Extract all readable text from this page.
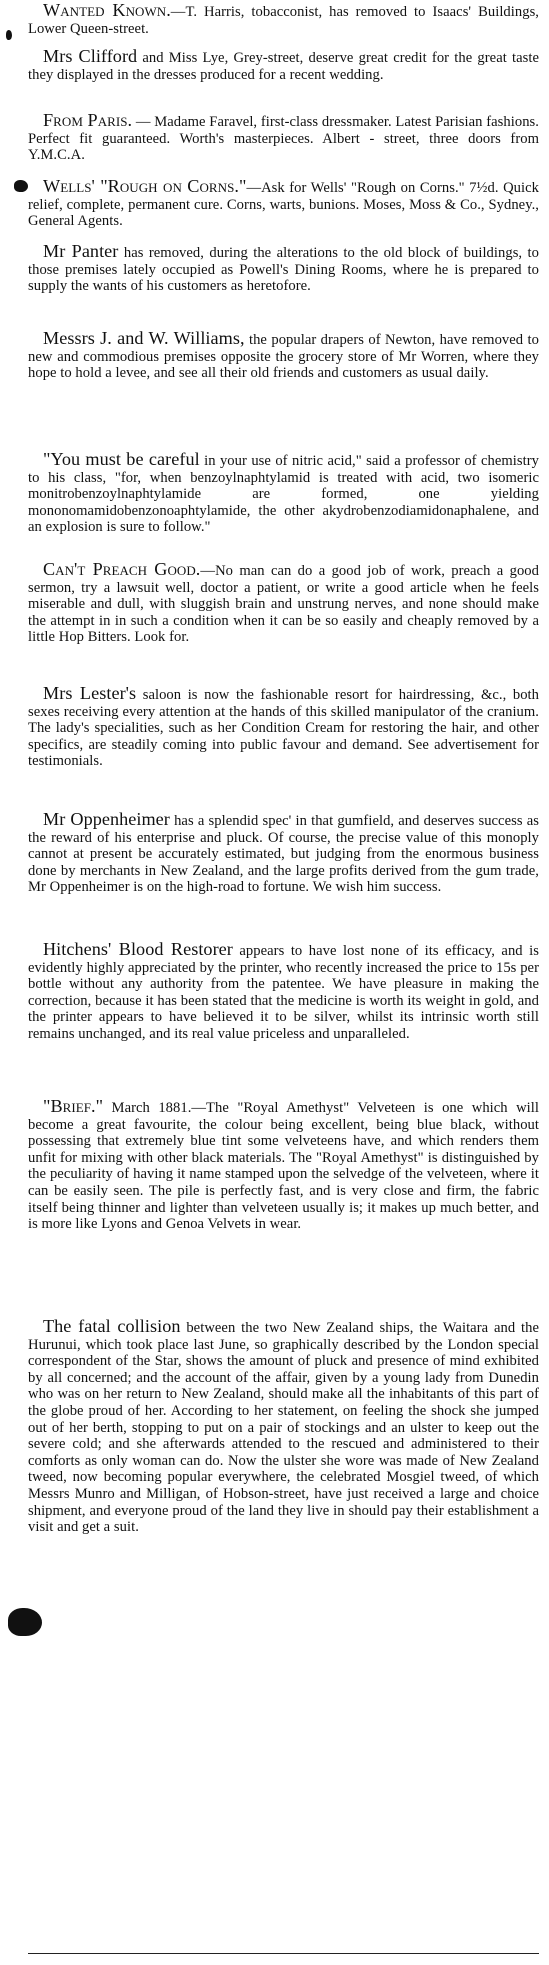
Wanted Known.—T. Harris, tobacconist, has removed to Isaacs' Buildings, Lower Queen-street.

Mrs Clifford and Miss Lye, Grey-street, deserve great credit for the great taste they displayed in the dresses produced for a recent wedding.

From Paris. — Madame Faravel, first-class dressmaker. Latest Parisian fashions. Perfect fit guaranteed. Worth's masterpieces. Albert - street, three doors from Y.M.C.A.

Wells' "Rough on Corns."—Ask for Wells' "Rough on Corns." 7½d. Quick relief, complete, permanent cure. Corns, warts, bunions. Moses, Moss & Co., Sydney., General Agents.

Mr Panter has removed, during the alterations to the old block of buildings, to those premises lately occupied as Powell's Dining Rooms, where he is prepared to supply the wants of his customers as heretofore.

Messrs J. and W. Williams, the popular drapers of Newton, have removed to new and commodious premises opposite the grocery store of Mr Worren, where they hope to hold a levee, and see all their old friends and customers as usual daily.

"You must be careful in your use of nitric acid," said a professor of chemistry to his class, "for, when benzoylnaphtylamid is treated with acid, two isomeric monitrobenzoylnaphtylamide are formed, one yielding mononomamidobenzonoaphtylamide, the other akydrobenzodiamidonaphalene, and an explosion is sure to follow."

Can't Preach Good.—No man can do a good job of work, preach a good sermon, try a lawsuit well, doctor a patient, or write a good article when he feels miserable and dull, with sluggish brain and unstrung nerves, and none should make the attempt in in such a condition when it can be so easily and cheaply removed by a little Hop Bitters. Look for.

Mrs Lester's saloon is now the fashionable resort for hairdressing, &c., both sexes receiving every attention at the hands of this skilled manipulator of the cranium. The lady's specialities, such as her Condition Cream for restoring the hair, and other specifics, are steadily coming into public favour and demand. See advertisement for testimonials.

Mr Oppenheimer has a splendid spec' in that gumfield, and deserves success as the reward of his enterprise and pluck. Of course, the precise value of this monoply cannot at present be accurately estimated, but judging from the enormous business done by merchants in New Zealand, and the large profits derived from the gum trade, Mr Oppenheimer is on the high-road to fortune. We wish him success.

Hitchens' Blood Restorer appears to have lost none of its efficacy, and is evidently highly appreciated by the printer, who recently increased the price to 15s per bottle without any authority from the patentee. We have pleasure in making the correction, because it has been stated that the medicine is worth its weight in gold, and the printer appears to have believed it to be silver, whilst its intrinsic worth still remains unchanged, and its real value priceless and unparalleled.

"Brief." March 1881.—The "Royal Amethyst" Velveteen is one which will become a great favourite, the colour being excellent, being blue black, without possessing that extremely blue tint some velveteens have, and which renders them unfit for mixing with other black materials. The "Royal Amethyst" is distinguished by the peculiarity of having it name stamped upon the selvedge of the velveteen, where it can be easily seen. The pile is perfectly fast, and is very close and firm, the fabric itself being thinner and lighter than velveteen usually is; it makes up much better, and is more like Lyons and Genoa Velvets in wear.

The fatal collision between the two New Zealand ships, the Waitara and the Hurunui, which took place last June, so graphically described by the London special correspondent of the Star, shows the amount of pluck and presence of mind exhibited by all concerned; and the account of the affair, given by a young lady from Dunedin who was on her return to New Zealand, should make all the inhabitants of this part of the globe proud of her. According to her statement, on feeling the shock she jumped out of her berth, stopping to put on a pair of stockings and an ulster to keep out the severe cold; and she afterwards attended to the rescued and administered to their comforts as only woman can do. Now the ulster she wore was made of New Zealand tweed, now becoming popular everywhere, the celebrated Mosgiel tweed, of which Messrs Munro and Milligan, of Hobson-street, have just received a large and choice shipment, and everyone proud of the land they live in should pay their establishment a visit and get a suit.
